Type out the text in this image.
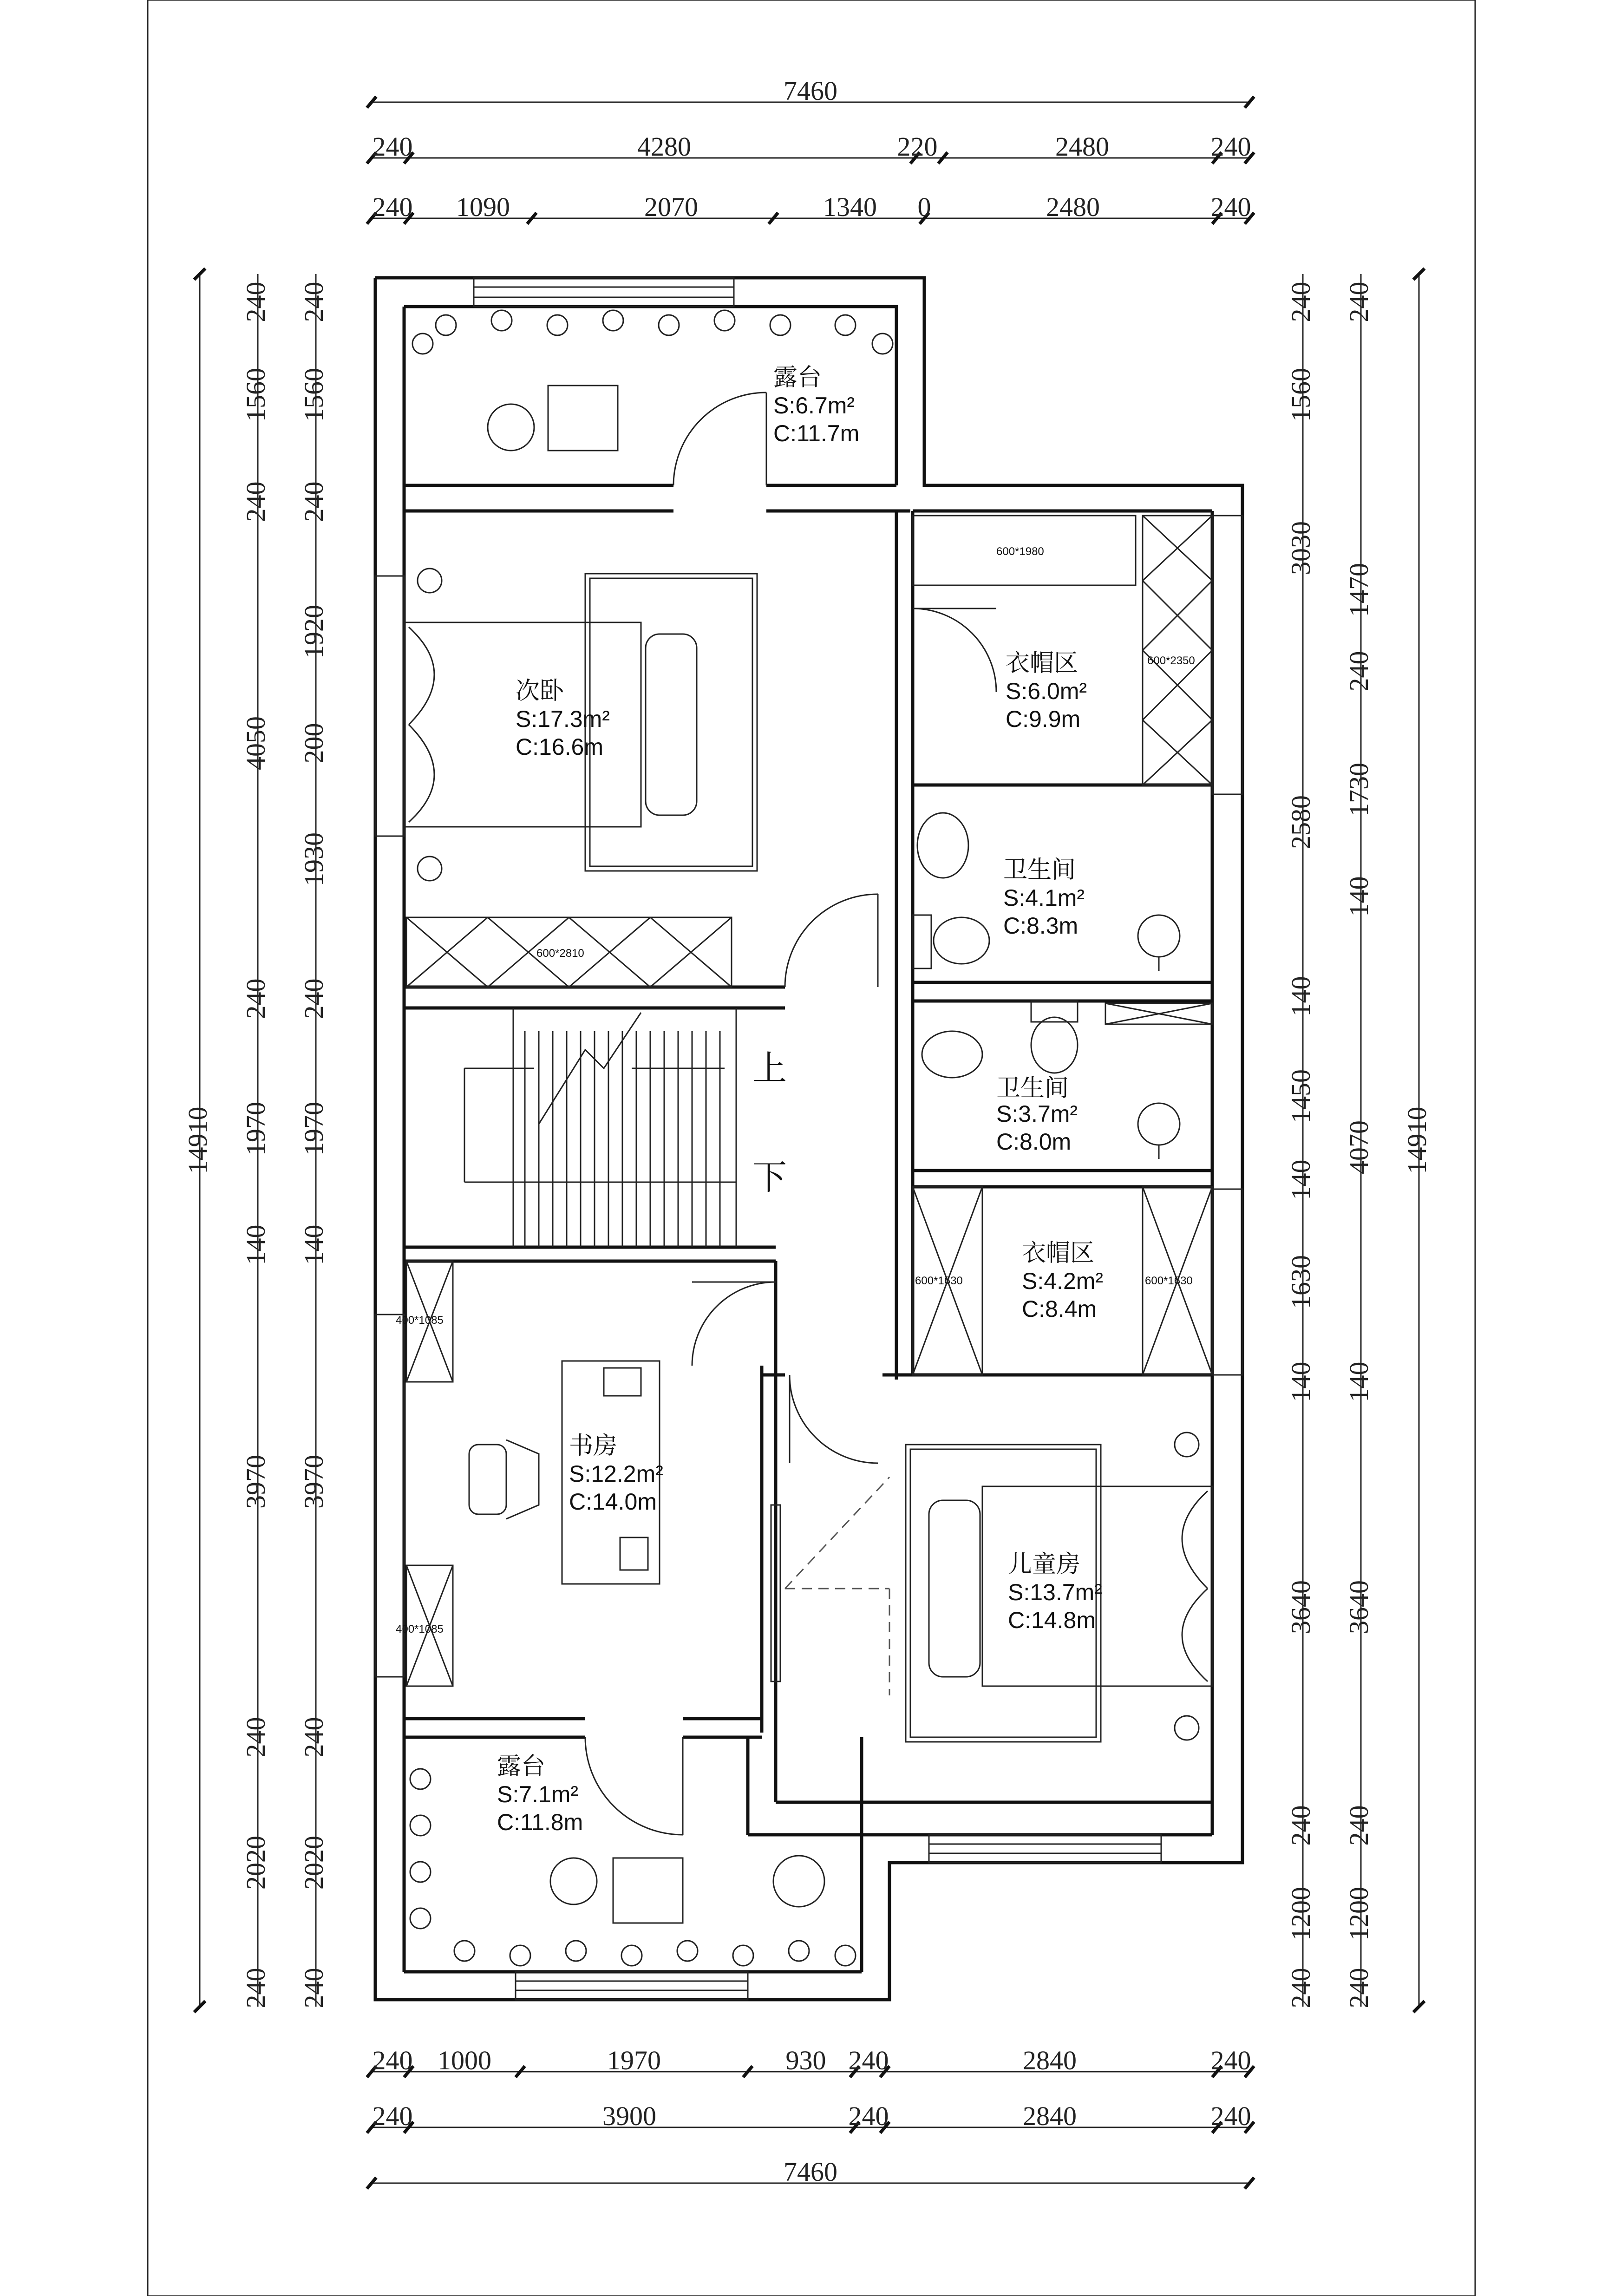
7460
240	4280	220	2480	240
240 1090	2070	1340 0	2480	240
240 1000	1970	930 240	2840	240
240	3900	240	2840	240
7460
14910
240
1560
240
4050
240
1970
140
3970
240
2020
240
240
1560
240
1920
200
1930
240
1970
140
3970
240
2020
240
14910
240
1560
3030
2580
140
1450
140
1630
140
3640
240
1200
240
240
1470
240
1730
140
4070
140
3640
240
1200
240
上
下
600*1980
600*2350
600*2810
400*1085
400*1085
600*1630	600*1630
露台
S:6.7m²
C:11.7m
次卧
S:17.3m²
C:16.6m
衣帽区
S:6.0m²
C:9.9m
卫生间
S:4.1m²
C:8.3m
卫生间
S:3.7m²
C:8.0m
衣帽区
S:4.2m²
C:8.4m
书房
S:12.2m²
C:14.0m
儿童房
S:13.7m²
C:14.8m
露台
S:7.1m²
C:11.8m
